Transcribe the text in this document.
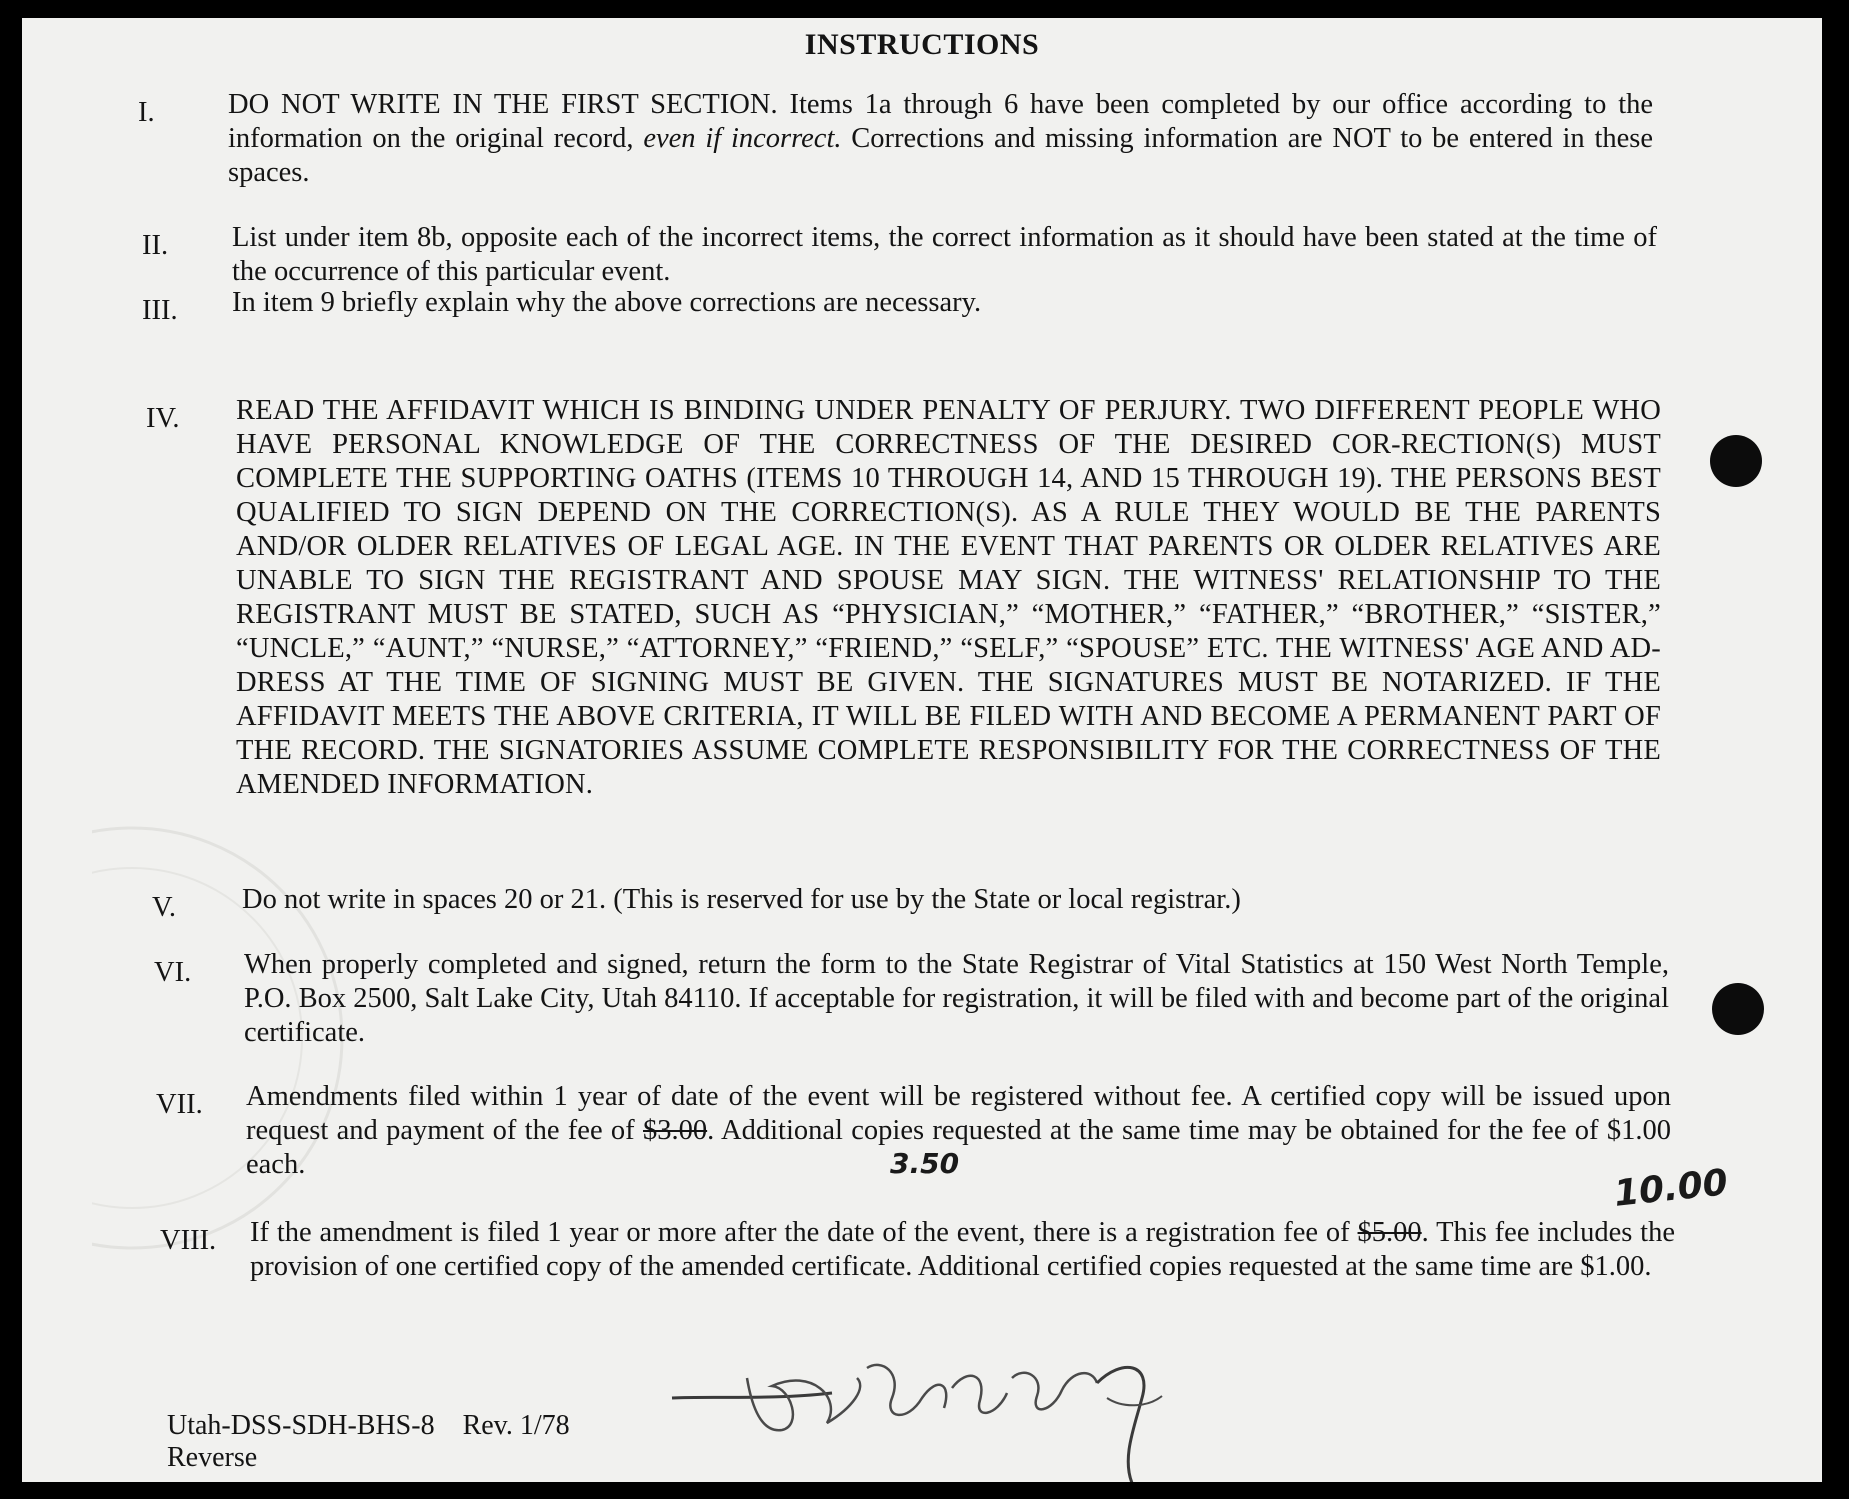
INSTRUCTIONS
I.	DO NOT WRITE IN THE FIRST SECTION. Items 1a through 6 have been completed by our office according to the information on the original record, even if incorrect. Corrections and missing information are NOT to be entered in these spaces.
II.	List under item 8b, opposite each of the incorrect items, the correct information as it should have been stated at the time of the occurrence of this particular event.
III.	In item 9 briefly explain why the above corrections are necessary.
IV.	READ THE AFFIDAVIT WHICH IS BINDING UNDER PENALTY OF PERJURY. TWO DIFFERENT PEOPLE WHO HAVE PERSONAL KNOWLEDGE OF THE CORRECTNESS OF THE DESIRED COR-RECTION(S) MUST COMPLETE THE SUPPORTING OATHS (ITEMS 10 THROUGH 14, AND 15 THROUGH 19). THE PERSONS BEST QUALIFIED TO SIGN DEPEND ON THE CORRECTION(S). AS A RULE THEY WOULD BE THE PARENTS AND/OR OLDER RELATIVES OF LEGAL AGE. IN THE EVENT THAT PARENTS OR OLDER RELATIVES ARE UNABLE TO SIGN THE REGISTRANT AND SPOUSE MAY SIGN. THE WITNESS' RELATIONSHIP TO THE REGISTRANT MUST BE STATED, SUCH AS “PHYSICIAN,” “MOTHER,” “FATHER,” “BROTHER,” “SISTER,” “UNCLE,” “AUNT,” “NURSE,” “ATTORNEY,” “FRIEND,” “SELF,” “SPOUSE” ETC. THE WITNESS' AGE AND AD-DRESS AT THE TIME OF SIGNING MUST BE GIVEN. THE SIGNATURES MUST BE NOTARIZED. IF THE AFFIDAVIT MEETS THE ABOVE CRITERIA, IT WILL BE FILED WITH AND BECOME A PERMANENT PART OF THE RECORD. THE SIGNATORIES ASSUME COMPLETE RESPONSIBILITY FOR THE CORRECTNESS OF THE AMENDED INFORMATION.
V.	Do not write in spaces 20 or 21. (This is reserved for use by the State or local registrar.)
VI.	When properly completed and signed, return the form to the State Registrar of Vital Statistics at 150 West North Temple, P.O. Box 2500, Salt Lake City, Utah 84110. If acceptable for registration, it will be filed with and become part of the original certificate.
VII.	Amendments filed within 1 year of date of the event will be registered without fee. A certified copy will be issued upon request and payment of the fee of $3.00. Additional copies requested at the same time may be obtained for the fee of $1.00 each.	3.50
VIII.	If the amendment is filed 1 year or more after the date of the event, there is a registration fee of $5.00. This fee includes the provision of one certified copy of the amended certificate. Additional certified copies requested at the same time are $1.00.
10.00
Utah-DSS-SDH-BHS-8 Rev. 1/78
Reverse
